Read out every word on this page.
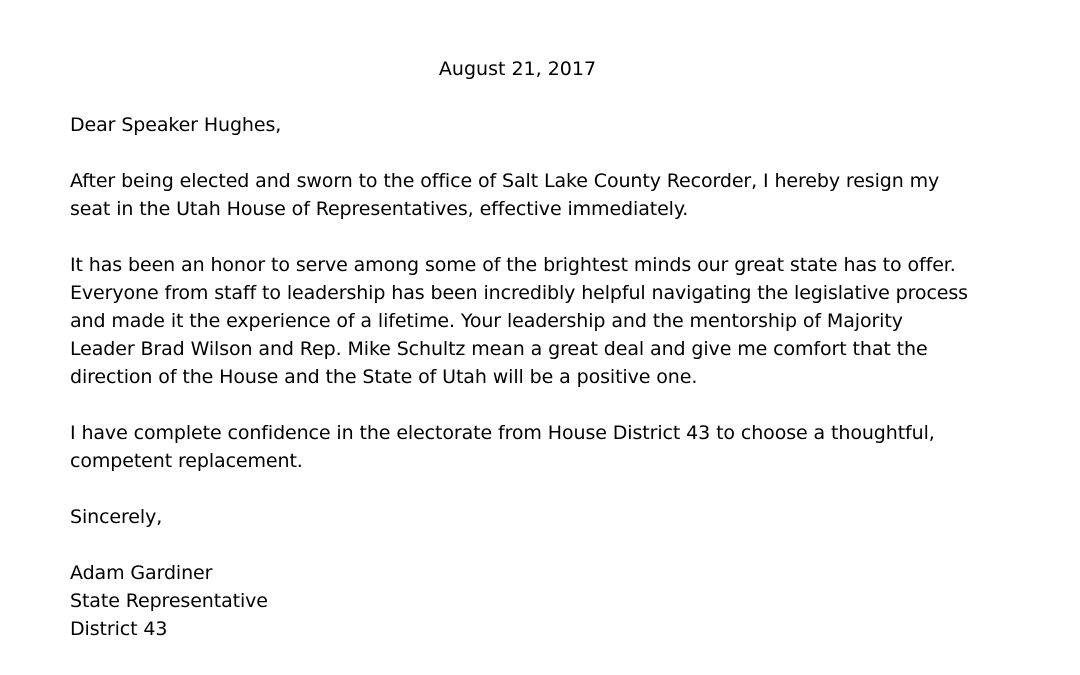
August 21, 2017
Dear Speaker Hughes,
After being elected and sworn to the office of Salt Lake County Recorder, I hereby resign my
seat in the Utah House of Representatives, effective immediately.
It has been an honor to serve among some of the brightest minds our great state has to offer.
Everyone from staff to leadership has been incredibly helpful navigating the legislative process
and made it the experience of a lifetime. Your leadership and the mentorship of Majority
Leader Brad Wilson and Rep. Mike Schultz mean a great deal and give me comfort that the
direction of the House and the State of Utah will be a positive one.
I have complete confidence in the electorate from House District 43 to choose a thoughtful,
competent replacement.
Sincerely,
Adam Gardiner
State Representative
District 43
